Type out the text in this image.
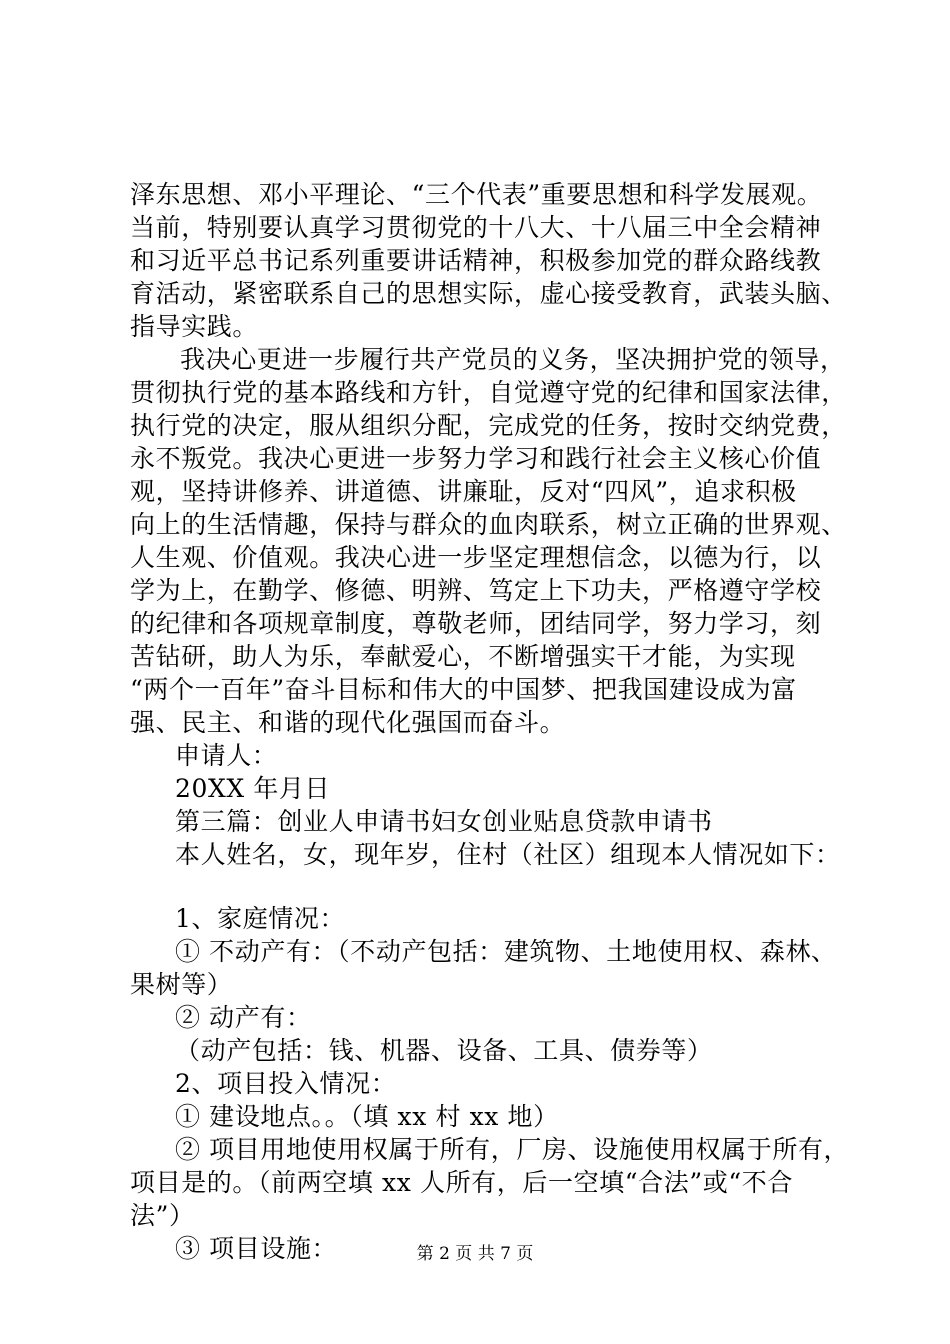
泽东思想、邓小平理论、“三个代表”重要思想和科学发展观。
当前，特别要认真学习贯彻党的十八大、十八届三中全会精神
和习近平总书记系列重要讲话精神，积极参加党的群众路线教
育活动，紧密联系自己的思想实际，虚心接受教育，武装头脑、
指导实践。
我决心更进一步履行共产党员的义务，坚决拥护党的领导，
贯彻执行党的基本路线和方针，自觉遵守党的纪律和国家法律，
执行党的决定，服从组织分配，完成党的任务，按时交纳党费，
永不叛党。我决心更进一步努力学习和践行社会主义核心价值
观，坚持讲修养、讲道德、讲廉耻，反对“四风”，追求积极
向上的生活情趣，保持与群众的血肉联系，树立正确的世界观、
人生观、价值观。我决心进一步坚定理想信念，以德为行，以
学为上，在勤学、修德、明辨、笃定上下功夫，严格遵守学校
的纪律和各项规章制度，尊敬老师，团结同学，努力学习，刻
苦钻研，助人为乐，奉献爱心，不断增强实干才能，为实现
“两个一百年”奋斗目标和伟大的中国梦、把我国建设成为富
强、民主、和谐的现代化强国而奋斗。
申请人：
20XX 年月日
第三篇：创业人申请书妇女创业贴息贷款申请书
本人姓名，女，现年岁，住村（社区）组现本人情况如下：
1、家庭情况：
① 不动产有：（不动产包括：建筑物、土地使用权、森林、
果树等）
② 动产有：
（动产包括：钱、机器、设备、工具、债券等）
2、项目投入情况：
① 建设地点。。（填 xx 村 xx 地）
② 项目用地使用权属于所有，厂房、设施使用权属于所有，
项目是的。（前两空填 xx 人所有，后一空填“合法”或“不合
法”）
③ 项目设施：	第 2 页 共 7 页
